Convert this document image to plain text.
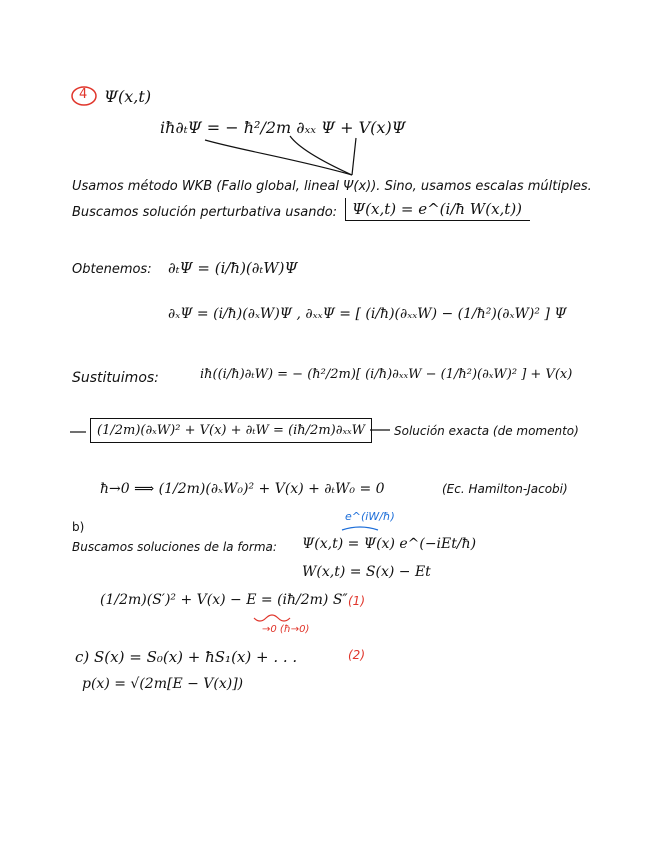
4 Ψ(x,t)
iħ∂ₜΨ = − ħ²/2m ∂ₓₓ Ψ + V(x)Ψ
Usamos método WKB (Fallo global, lineal Ψ(x)). Sino, usamos escalas múltiples.
Buscamos solución perturbativa usando: Ψ(x,t) = e^(i/ħ W(x,t))
Obtenemos: ∂ₜΨ = (i/ħ)(∂ₜW)Ψ
∂ₓΨ = (i/ħ)(∂ₓW)Ψ , ∂ₓₓΨ = [ (i/ħ)(∂ₓₓW) − (1/ħ²)(∂ₓW)² ] Ψ
Sustituimos:	iħ((i/ħ)∂ₜW) = − (ħ²/2m)[ (i/ħ)∂ₓₓW − (1/ħ²)(∂ₓW)² ] + V(x)
(1/2m)(∂ₓW)² + V(x) + ∂ₜW = (iħ/2m)∂ₓₓW	Solución exacta (de momento)
ħ→0 ⟹ (1/2m)(∂ₓW₀)² + V(x) + ∂ₜW₀ = 0	(Ec. Hamilton-Jacobi)
b)
e^(iW/ħ)
Buscamos soluciones de la forma: Ψ(x,t) = Ψ(x) e^(−iEt/ħ)
W(x,t) = S(x) − Et
(1/2m)(S′)² + V(x) − E = (iħ/2m) S″ (1)
→0 (ħ→0)
c) S(x) = S₀(x) + ħS₁(x) + . . .	(2)
p(x) = √(2m[E − V(x)])
